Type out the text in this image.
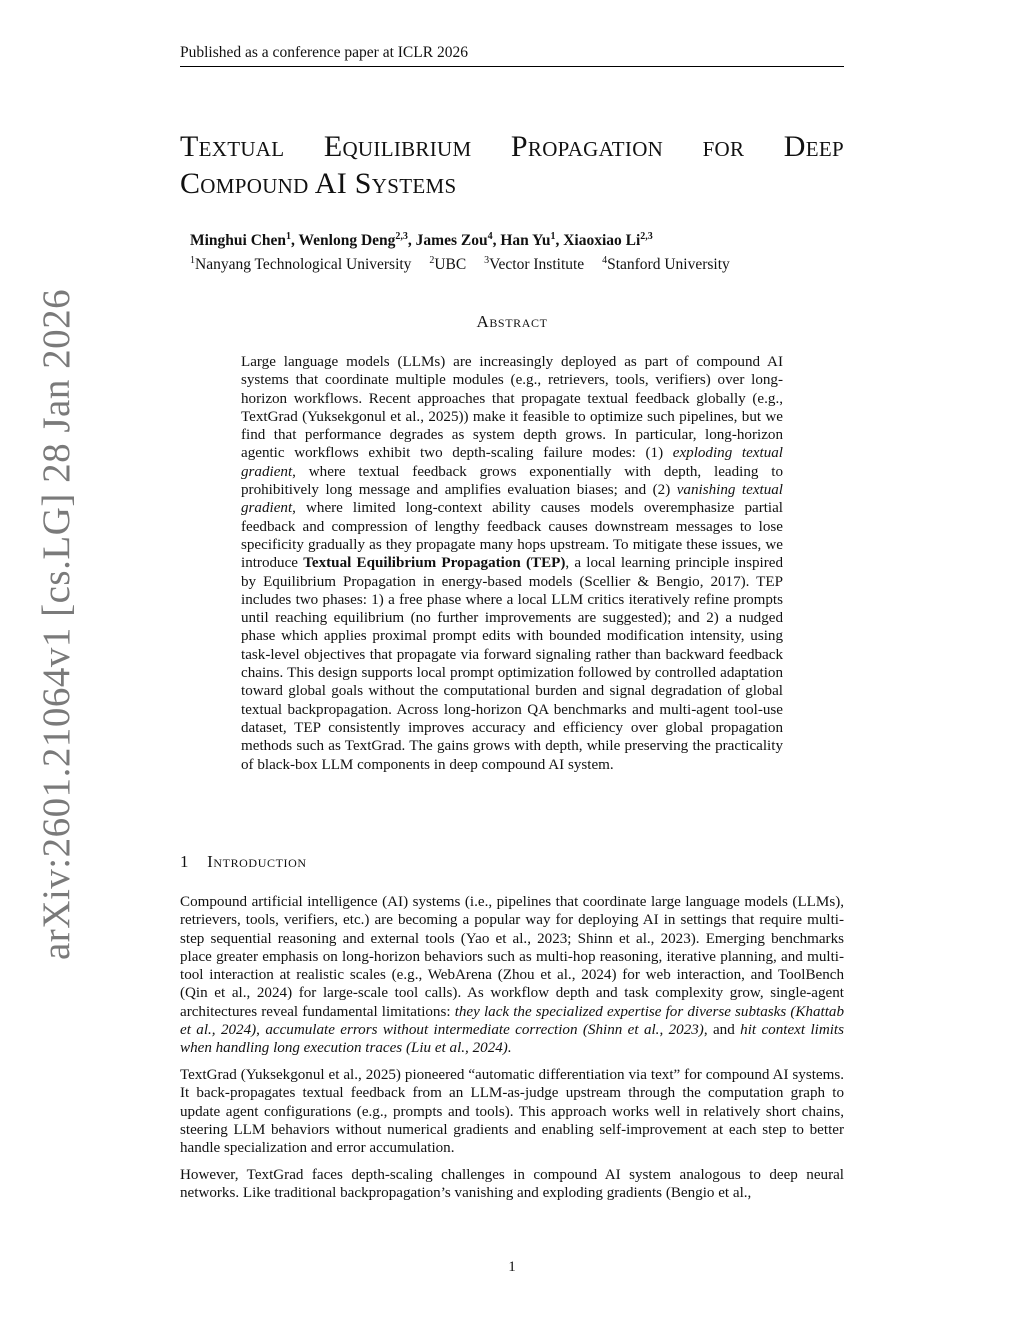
Published as a conference paper at ICLR 2026
arXiv:2601.21064v1 [cs.LG] 28 Jan 2026
Textual Equilibrium Propagation for Deep
Compound AI Systems
Minghui Chen$^1$, Wenlong Deng$^{2,3}$, James Zou$^4$, Han Yu$^1$, Xiaoxiao Li$^{2,3}$
$^1$Nanyang Technological University $^2$UBC $^3$Vector Institute $^4$Stanford University
Abstract

Large language models (LLMs) are increasingly deployed as part of compound AI systems that coordinate multiple modules (e.g., retrievers, tools, verifiers) over long-horizon workflows. Recent approaches that propagate textual feedback globally (e.g., TextGrad (Yuksekgonul et al., 2025)) make it feasible to optimize such pipelines, but we find that performance degrades as system depth grows. In particular, long-horizon agentic workflows exhibit two depth-scaling failure modes: (1) exploding textual gradient, where textual feedback grows exponentially with depth, leading to prohibitively long message and amplifies evaluation biases; and (2) vanishing textual gradient, where limited long-context ability causes models overemphasize partial feedback and compression of lengthy feedback causes downstream messages to lose specificity gradually as they propagate many hops upstream. To mitigate these issues, we introduce Textual Equilibrium Propagation (TEP), a local learning principle inspired by Equilibrium Propagation in energy-based models (Scellier & Bengio, 2017). TEP includes two phases: 1) a free phase where a local LLM critics iteratively refine prompts until reaching equilibrium (no further improvements are suggested); and 2) a nudged phase which applies proximal prompt edits with bounded modification intensity, using task-level objectives that propagate via forward signaling rather than backward feedback chains. This design supports local prompt optimization followed by controlled adaptation toward global goals without the computational burden and signal degradation of global textual backpropagation. Across long-horizon QA benchmarks and multi-agent tool-use dataset, TEP consistently improves accuracy and efficiency over global propagation methods such as TextGrad. The gains grows with depth, while preserving the practicality of black-box LLM components in deep compound AI system.

1 Introduction

Compound artificial intelligence (AI) systems (i.e., pipelines that coordinate large language models (LLMs), retrievers, tools, verifiers, etc.) are becoming a popular way for deploying AI in settings that require multi-step sequential reasoning and external tools (Yao et al., 2023; Shinn et al., 2023). Emerging benchmarks place greater emphasis on long-horizon behaviors such as multi-hop reasoning, iterative planning, and multi-tool interaction at realistic scales (e.g., WebArena (Zhou et al., 2024) for web interaction, and ToolBench (Qin et al., 2024) for large-scale tool calls). As workflow depth and task complexity grow, single-agent architectures reveal fundamental limitations: they lack the specialized expertise for diverse subtasks (Khattab et al., 2024), accumulate errors without intermediate correction (Shinn et al., 2023), and hit context limits when handling long execution traces (Liu et al., 2024).

TextGrad (Yuksekgonul et al., 2025) pioneered “automatic differentiation via text” for compound AI systems. It back-propagates textual feedback from an LLM-as-judge upstream through the computation graph to update agent configurations (e.g., prompts and tools). This approach works well in relatively short chains, steering LLM behaviors without numerical gradients and enabling self-improvement at each step to better handle specialization and error accumulation.

However, TextGrad faces depth-scaling challenges in compound AI system analogous to deep neural networks. Like traditional backpropagation’s vanishing and exploding gradients (Bengio et al.,

1
